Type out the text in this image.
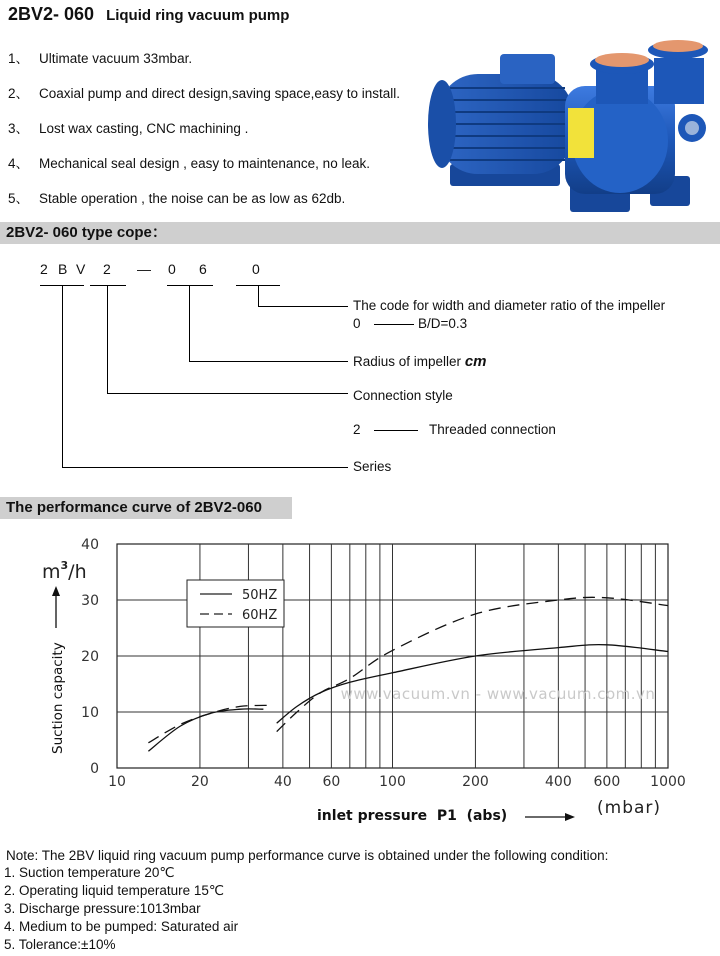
2BV2- 060 Liquid ring vacuum pump
1、 Ultimate vacuum 33mbar.
2、 Coaxial pump and direct design,saving space,easy to install.
3、 Lost wax casting, CNC machining .
4、 Mechanical seal design , easy to maintenance, no leak.
5、 Stable operation , the noise can be as low as 62db.
2BV2- 060 type cope：
2 B V 2 — 0 6	0
The code for width and diameter ratio of the impeller
0	B/D=0.3
Radius of impeller cm
Connection style
2	Threaded connection
Series
The performance curve of 2BV2-060
0
10
20
30
40
10	20	40 60	100	200	400 600 1000
www.vacuum.vn - www.vacuum.com.vn
50HZ
60HZ
$m^3/h$
Suction capacity
inlet pressure  P1  (abs)	(mbar)
Note: The 2BV liquid ring vacuum pump performance curve is obtained under the following condition:
1. Suction temperature 20℃
2. Operating liquid temperature 15℃
3. Discharge pressure:1013mbar
4. Medium to be pumped: Saturated air
5. Tolerance:±10%
